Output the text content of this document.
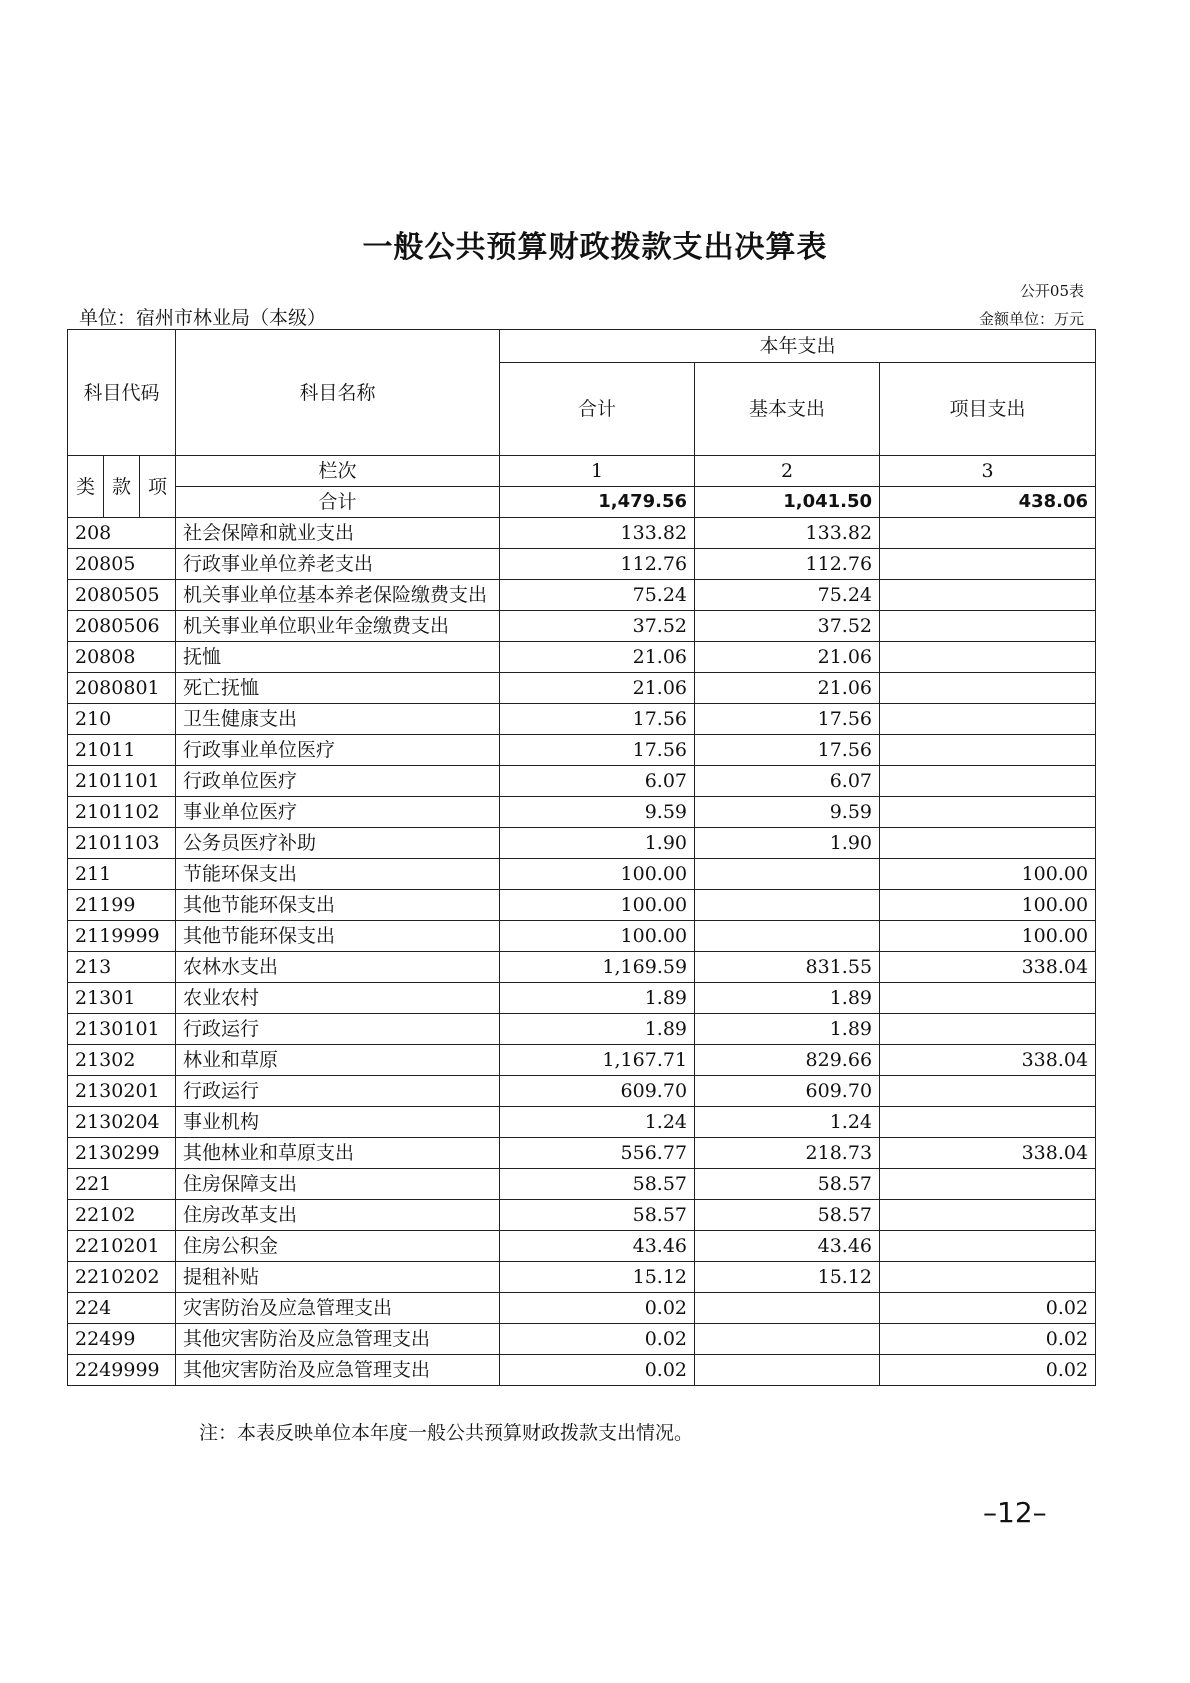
一般公共预算财政拨款支出决算表
公开05表
单位：宿州市林业局（本级）	金额单位：万元
科目代码			科目名称	本年支出		
				合计	基本支出	项目支出
类	款	项	栏次	1	2	3
			合计	1,479.56	1,041.50	438.06
208			社会保障和就业支出	133.82	133.82	
20805			行政事业单位养老支出	112.76	112.76	
2080505			机关事业单位基本养老保险缴费支出	75.24	75.24	
2080506			机关事业单位职业年金缴费支出	37.52	37.52	
20808			抚恤	21.06	21.06	
2080801			死亡抚恤	21.06	21.06	
210			卫生健康支出	17.56	17.56	
21011			行政事业单位医疗	17.56	17.56	
2101101			行政单位医疗	6.07	6.07	
2101102			事业单位医疗	9.59	9.59	
2101103			公务员医疗补助	1.90	1.90	
211			节能环保支出	100.00		100.00
21199			其他节能环保支出	100.00		100.00
2119999			其他节能环保支出	100.00		100.00
213			农林水支出	1,169.59	831.55	338.04
21301			农业农村	1.89	1.89	
2130101			行政运行	1.89	1.89	
21302			林业和草原	1,167.71	829.66	338.04
2130201			行政运行	609.70	609.70	
2130204			事业机构	1.24	1.24	
2130299			其他林业和草原支出	556.77	218.73	338.04
221			住房保障支出	58.57	58.57	
22102			住房改革支出	58.57	58.57	
2210201			住房公积金	43.46	43.46	
2210202			提租补贴	15.12	15.12	
224			灾害防治及应急管理支出	0.02		0.02
22499			其他灾害防治及应急管理支出	0.02		0.02
2249999			其他灾害防治及应急管理支出	0.02		0.02
注：本表反映单位本年度一般公共预算财政拨款支出情况。
–12–
